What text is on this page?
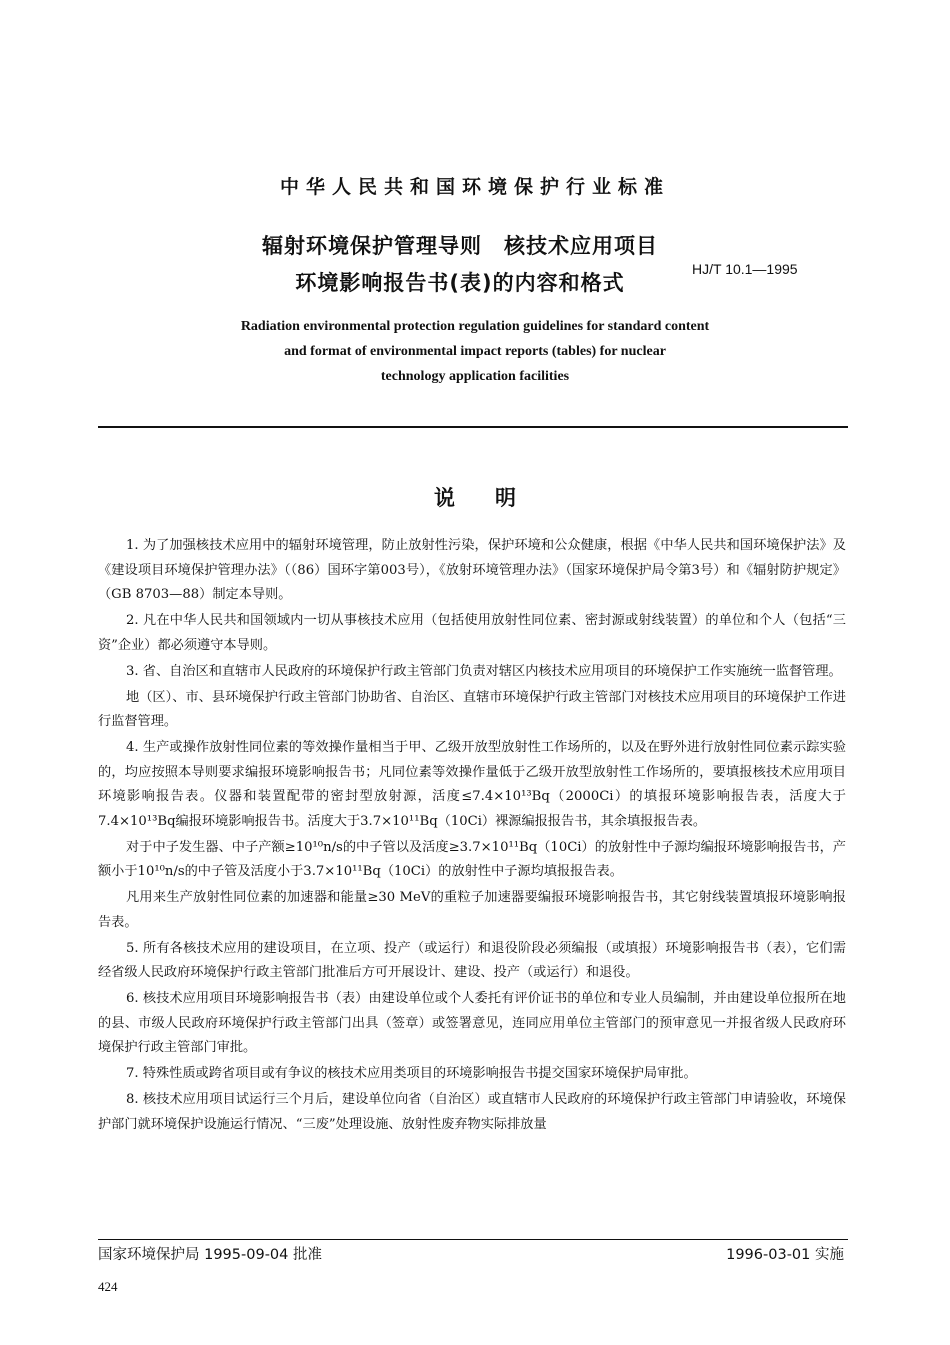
中华人民共和国环境保护行业标准
辐射环境保护管理导则　核技术应用项目
环境影响报告书(表)的内容和格式
HJ/T 10.1—1995
Radiation environmental protection regulation guidelines for standard content
and format of environmental impact reports (tables) for nuclear
technology application facilities
说明

1. 为了加强核技术应用中的辐射环境管理，防止放射性污染，保护环境和公众健康，根据《中华人民共和国环境保护法》及《建设项目环境保护管理办法》（（86）国环字第003号），《放射环境管理办法》（国家环境保护局令第3号）和《辐射防护规定》（GB 8703—88）制定本导则。

2. 凡在中华人民共和国领域内一切从事核技术应用（包括使用放射性同位素、密封源或射线装置）的单位和个人（包括“三资”企业）都必须遵守本导则。

3. 省、自治区和直辖市人民政府的环境保护行政主管部门负责对辖区内核技术应用项目的环境保护工作实施统一监督管理。

地（区）、市、县环境保护行政主管部门协助省、自治区、直辖市环境保护行政主管部门对核技术应用项目的环境保护工作进行监督管理。

4. 生产或操作放射性同位素的等效操作量相当于甲、乙级开放型放射性工作场所的，以及在野外进行放射性同位素示踪实验的，均应按照本导则要求编报环境影响报告书；凡同位素等效操作量低于乙级开放型放射性工作场所的，要填报核技术应用项目环境影响报告表。仪器和装置配带的密封型放射源，活度≤7.4×10¹³Bq（2000Ci）的填报环境影响报告表，活度大于7.4×10¹³Bq编报环境影响报告书。活度大于3.7×10¹¹Bq（10Ci）裸源编报报告书，其余填报报告表。

对于中子发生器、中子产额≥10¹⁰n/s的中子管以及活度≥3.7×10¹¹Bq（10Ci）的放射性中子源均编报环境影响报告书，产额小于10¹⁰n/s的中子管及活度小于3.7×10¹¹Bq（10Ci）的放射性中子源均填报报告表。

凡用来生产放射性同位素的加速器和能量≥30 MeV的重粒子加速器要编报环境影响报告书，其它射线装置填报环境影响报告表。

5. 所有各核技术应用的建设项目，在立项、投产（或运行）和退役阶段必须编报（或填报）环境影响报告书（表），它们需经省级人民政府环境保护行政主管部门批准后方可开展设计、建设、投产（或运行）和退役。

6. 核技术应用项目环境影响报告书（表）由建设单位或个人委托有评价证书的单位和专业人员编制，并由建设单位报所在地的县、市级人民政府环境保护行政主管部门出具（签章）或签署意见，连同应用单位主管部门的预审意见一并报省级人民政府环境保护行政主管部门审批。

7. 特殊性质或跨省项目或有争议的核技术应用类项目的环境影响报告书提交国家环境保护局审批。

8. 核技术应用项目试运行三个月后，建设单位向省（自治区）或直辖市人民政府的环境保护行政主管部门申请验收，环境保护部门就环境保护设施运行情况、“三废”处理设施、放射性废弃物实际排放量

国家环境保护局 1995-09-04 批准	1996-03-01 实施
424
